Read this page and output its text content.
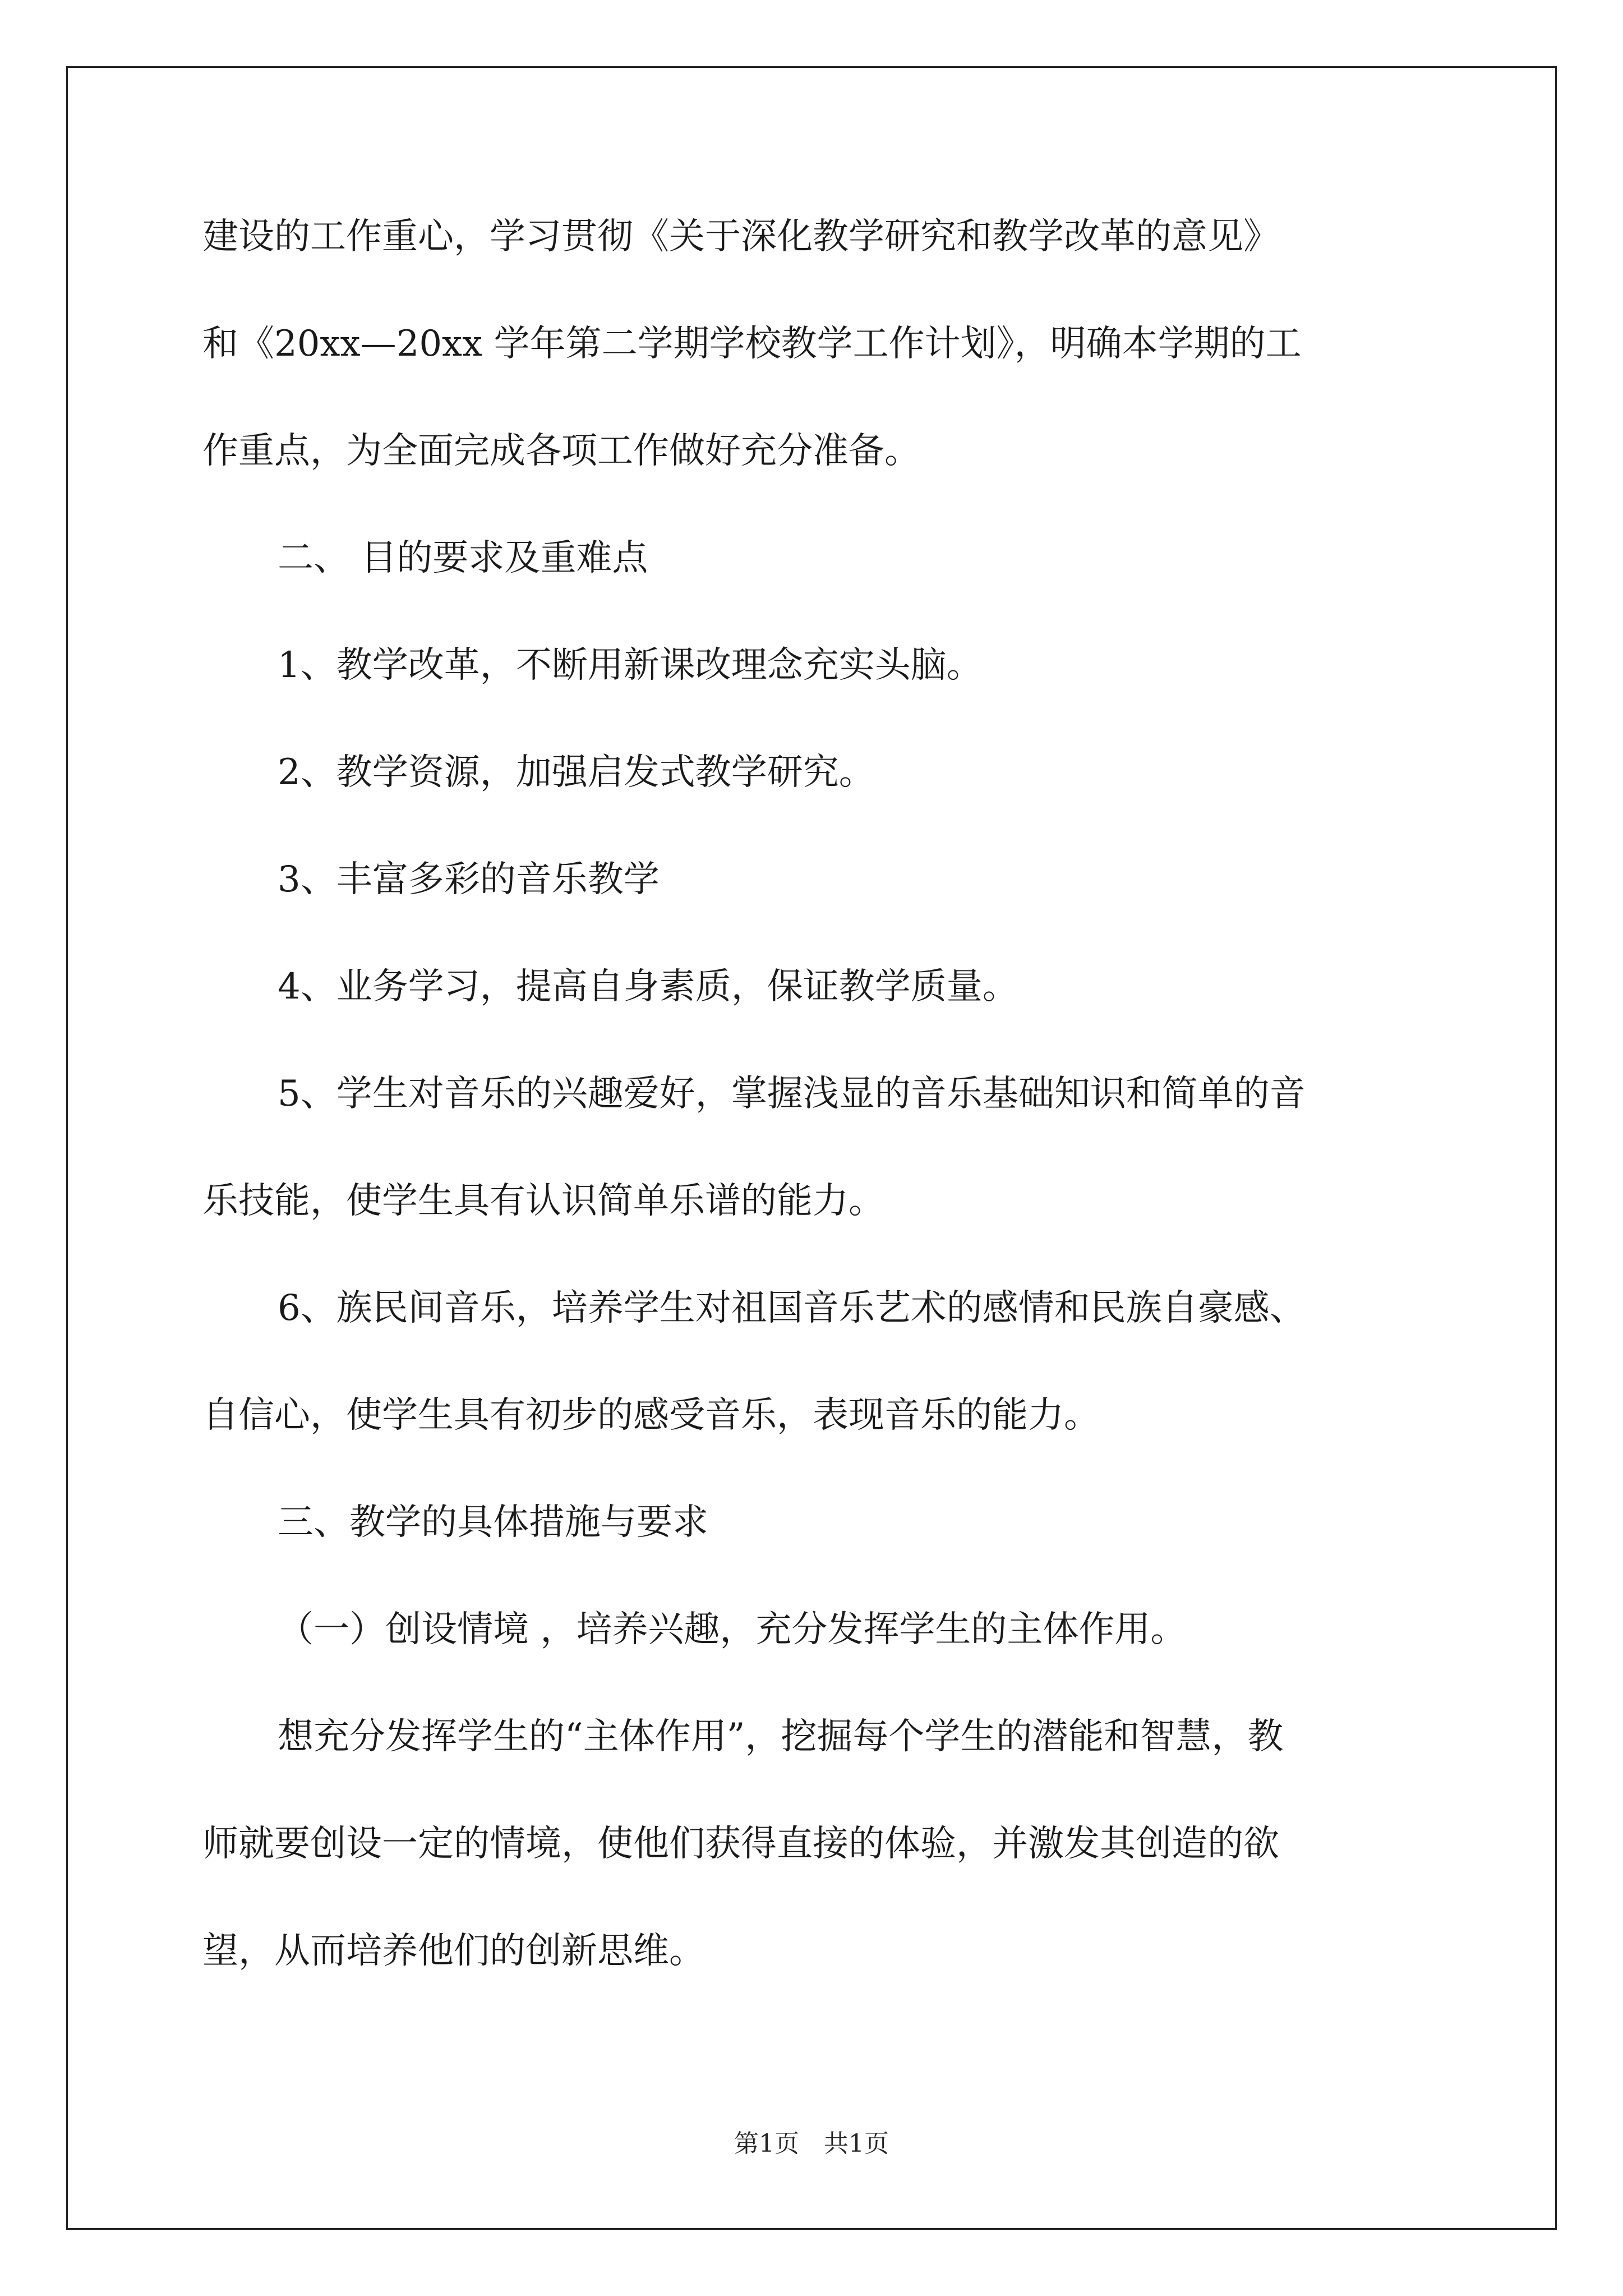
建设的工作重心，学习贯彻《关于深化教学研究和教学改革的意见》
和《20xx—20xx 学年第二学期学校教学工作计划》，明确本学期的工
作重点，为全面完成各项工作做好充分准备。
二、 目的要求及重难点
1、教学改革，不断用新课改理念充实头脑。
2、教学资源，加强启发式教学研究。
3、丰富多彩的音乐教学
4、业务学习，提高自身素质，保证教学质量。
5、学生对音乐的兴趣爱好，掌握浅显的音乐基础知识和简单的音
乐技能，使学生具有认识简单乐谱的能力。
6、族民间音乐，培养学生对祖国音乐艺术的感情和民族自豪感、
自信心，使学生具有初步的感受音乐，表现音乐的能力。
三、教学的具体措施与要求
（一）创设情境 ，培养兴趣，充分发挥学生的主体作用。
想充分发挥学生的“主体作用”，挖掘每个学生的潜能和智慧，教
师就要创设一定的情境，使他们获得直接的体验，并激发其创造的欲
望，从而培养他们的创新思维。
第1页 共1页
